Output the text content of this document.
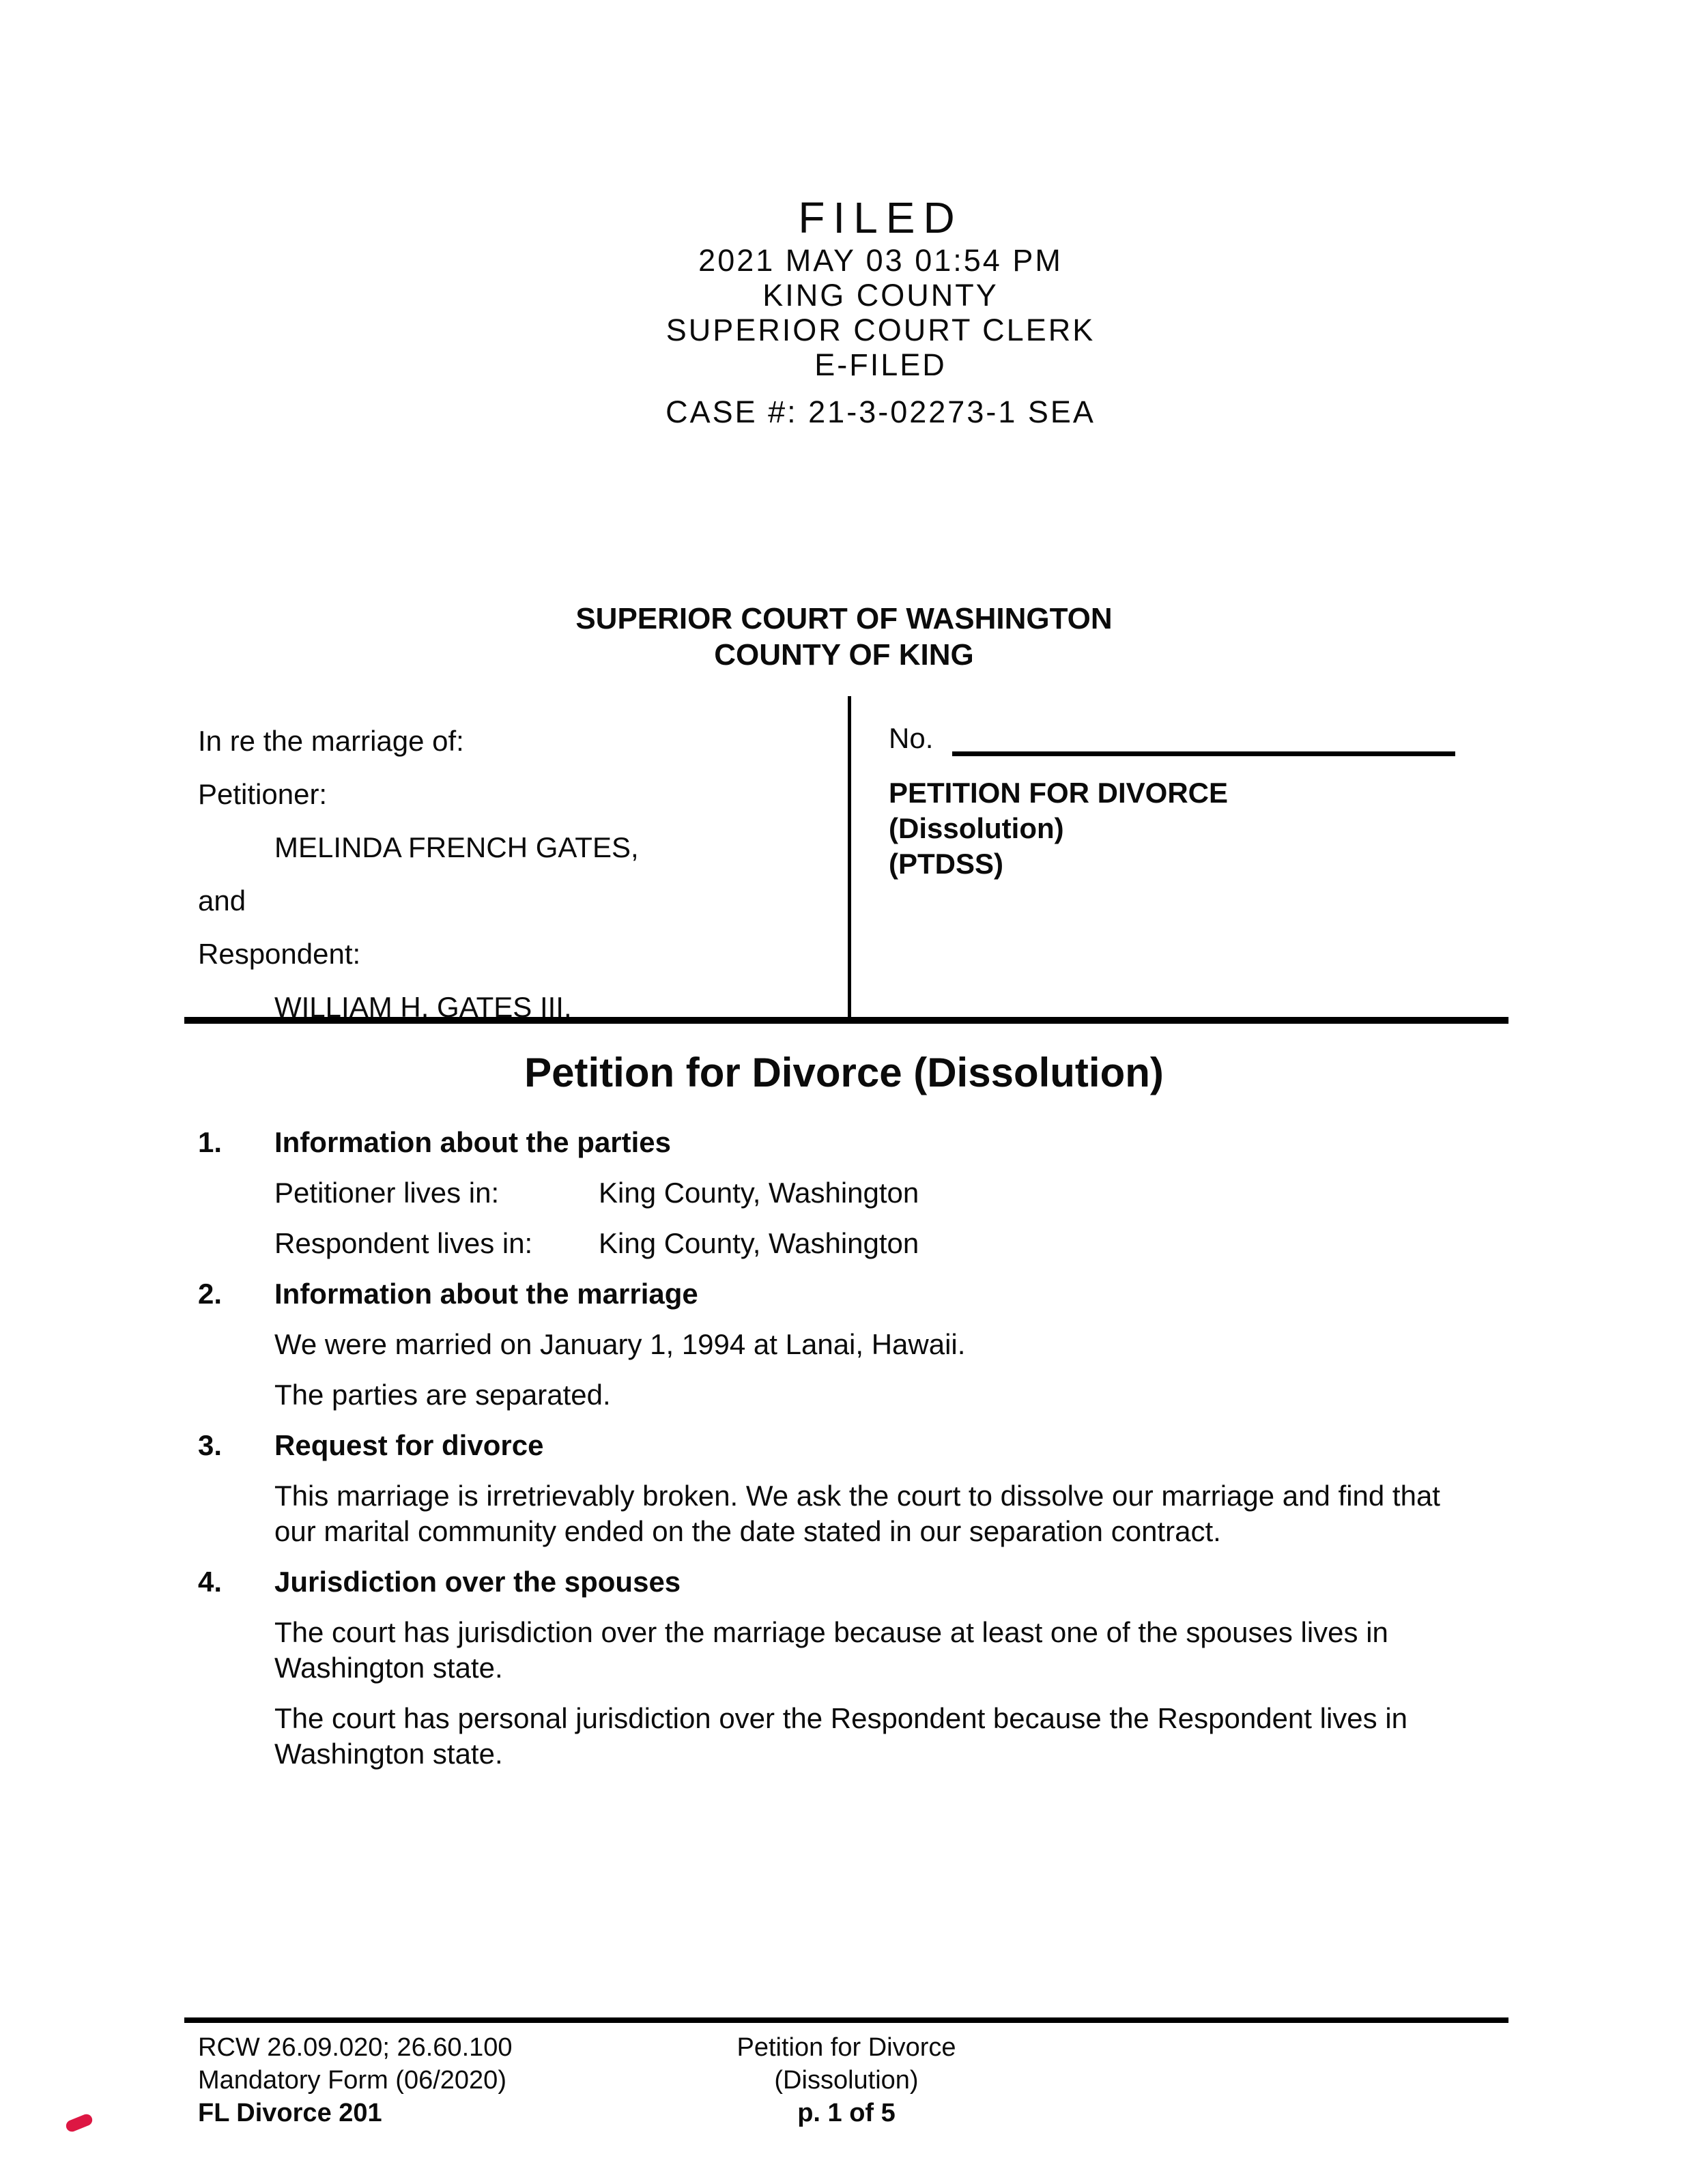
FILED
2021 MAY 03 01:54 PM
KING COUNTY
SUPERIOR COURT CLERK
E-FILED
CASE #: 21-3-02273-1 SEA
SUPERIOR COURT OF WASHINGTON
COUNTY OF KING

In re the marriage of:

Petitioner:

MELINDA FRENCH GATES,

and

Respondent:

WILLIAM H. GATES III.

No.
PETITION FOR DIVORCE
(Dissolution)
(PTDSS)
Petition for Divorce (Dissolution)
1.	Information about the parties
Petitioner lives in:	King County, Washington
Respondent lives in:	King County, Washington
2.	Information about the marriage

We were married on January 1, 1994 at Lanai, Hawaii.

The parties are separated.

3.	Request for divorce

This marriage is irretrievably broken. We ask the court to dissolve our marriage and find that our marital community ended on the date stated in our separation contract.

4.	Jurisdiction over the spouses

The court has jurisdiction over the marriage because at least one of the spouses lives in Washington state.

The court has personal jurisdiction over the Respondent because the Respondent lives in Washington state.

RCW 26.09.020; 26.60.100
Mandatory Form (06/2020)
FL Divorce 201
Petition for Divorce
(Dissolution)
p. 1 of 5
